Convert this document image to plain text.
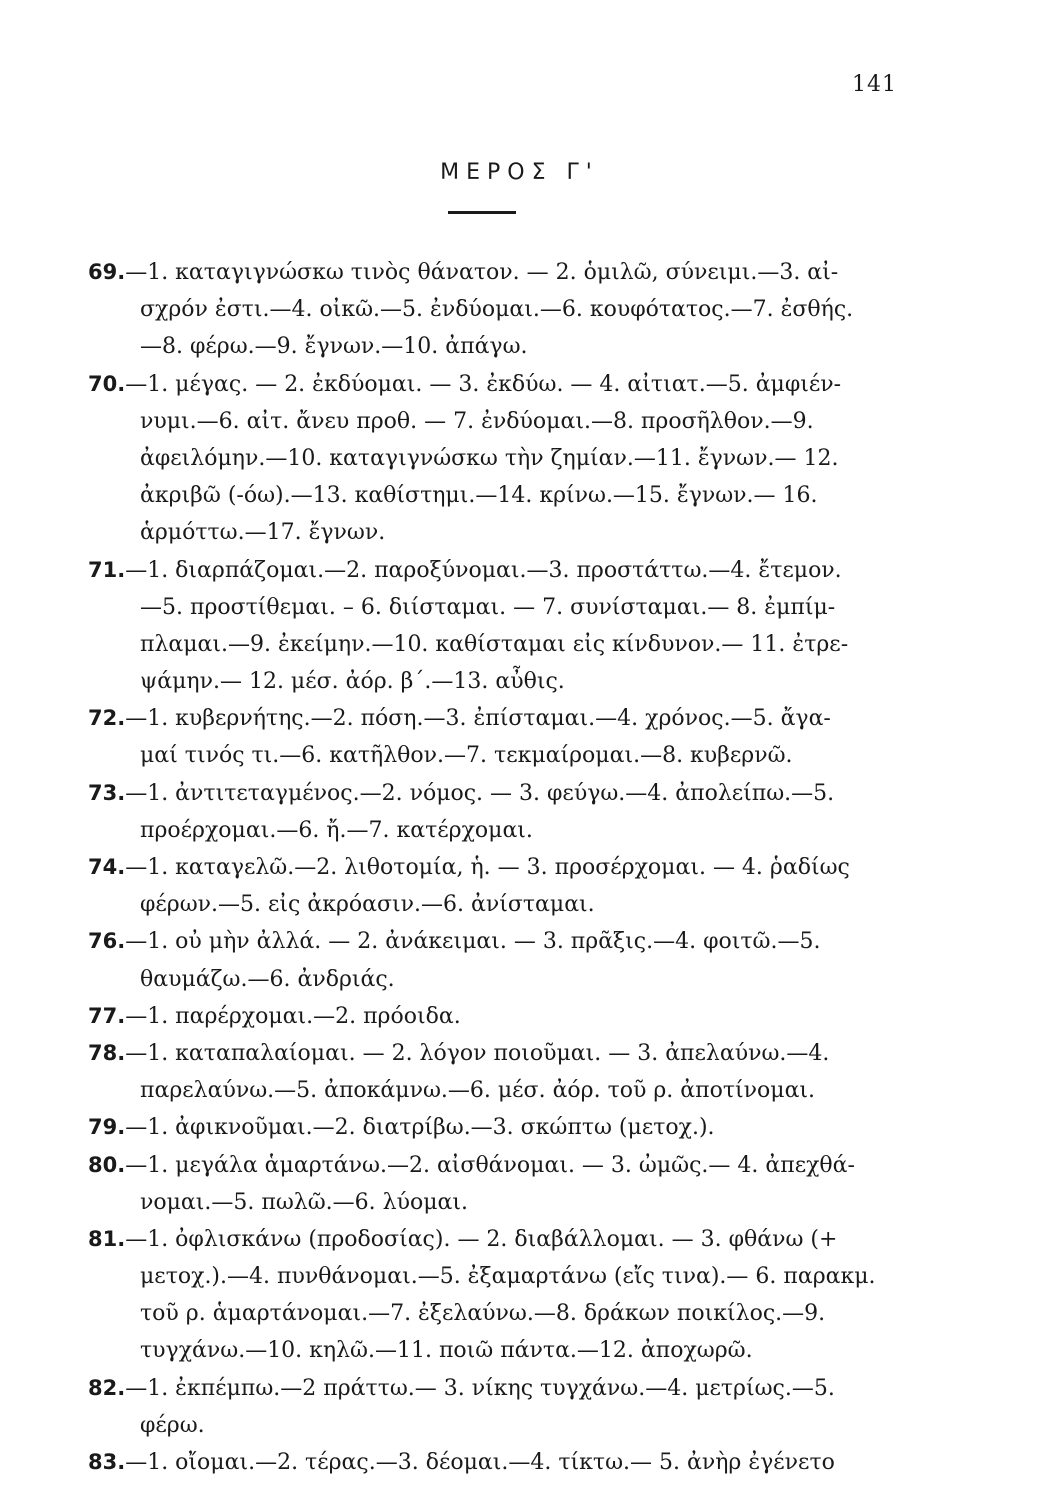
141
ΜΕΡΟΣ Γ'
69.—1. καταγιγνώσκω τινὸς θάνατον. — 2. ὁμιλῶ, σύνειμι.—3. αἰ-
σχρόν ἐστι.—4. οἰκῶ.—5. ἐνδύομαι.—6. κουφότατος.—7. ἐσθής.
—8. φέρω.—9. ἔγνων.—10. ἀπάγω.
70.—1. μέγας. — 2. ἐκδύομαι. — 3. ἐκδύω. — 4. αἰτιατ.—5. ἀμφιέν-
νυμι.—6. αἰτ. ἄνευ προθ. — 7. ἐνδύομαι.—8. προσῆλθον.—9.
ἀφειλόμην.—10. καταγιγνώσκω τὴν ζημίαν.—11. ἔγνων.— 12.
ἀκριβῶ (-όω).—13. καθίστημι.—14. κρίνω.—15. ἔγνων.— 16.
ἁρμόττω.—17. ἔγνων.
71.—1. διαρπάζομαι.—2. παροξύνομαι.—3. προστάττω.—4. ἔτεμον.
—5. προστίθεμαι. – 6. διίσταμαι. — 7. συνίσταμαι.— 8. ἐμπίμ-
πλαμαι.—9. ἐκείμην.—10. καθίσταμαι εἰς κίνδυνον.— 11. ἐτρε-
ψάμην.— 12. μέσ. ἀόρ. β΄.—13. αὖθις.
72.—1. κυβερνήτης.—2. πόση.—3. ἐπίσταμαι.—4. χρόνος.—5. ἄγα-
μαί τινός τι.—6. κατῆλθον.—7. τεκμαίρομαι.—8. κυβερνῶ.
73.—1. ἀντιτεταγμένος.—2. νόμος. — 3. φεύγω.—4. ἀπολείπω.—5.
προέρχομαι.—6. ἤ.—7. κατέρχομαι.
74.—1. καταγελῶ.—2. λιθοτομία, ἡ. — 3. προσέρχομαι. — 4. ῥαδίως
φέρων.—5. εἰς ἀκρόασιν.—6. ἀνίσταμαι.
76.—1. οὐ μὴν ἀλλά. — 2. ἀνάκειμαι. — 3. πρᾶξις.—4. φοιτῶ.—5.
θαυμάζω.—6. ἀνδριάς.
77.—1. παρέρχομαι.—2. πρόοιδα.
78.—1. καταπαλαίομαι. — 2. λόγον ποιοῦμαι. — 3. ἀπελαύνω.—4.
παρελαύνω.—5. ἀποκάμνω.—6. μέσ. ἀόρ. τοῦ ρ. ἀποτίνομαι.
79.—1. ἀφικνοῦμαι.—2. διατρίβω.—3. σκώπτω (μετοχ.).
80.—1. μεγάλα ἁμαρτάνω.—2. αἰσθάνομαι. — 3. ὠμῶς.— 4. ἀπεχθά-
νομαι.—5. πωλῶ.—6. λύομαι.
81.—1. ὀφλισκάνω (προδοσίας). — 2. διαβάλλομαι. — 3. φθάνω (+
μετοχ.).—4. πυνθάνομαι.—5. ἐξαμαρτάνω (εἴς τινα).— 6. παρακμ.
τοῦ ρ. ἁμαρτάνομαι.—7. ἐξελαύνω.—8. δράκων ποικίλος.—9.
τυγχάνω.—10. κηλῶ.—11. ποιῶ πάντα.—12. ἀποχωρῶ.
82.—1. ἐκπέμπω.—2 πράττω.— 3. νίκης τυγχάνω.—4. μετρίως.—5.
φέρω.
83.—1. οἴομαι.—2. τέρας.—3. δέομαι.—4. τίκτω.— 5. ἀνὴρ ἐγένετο
